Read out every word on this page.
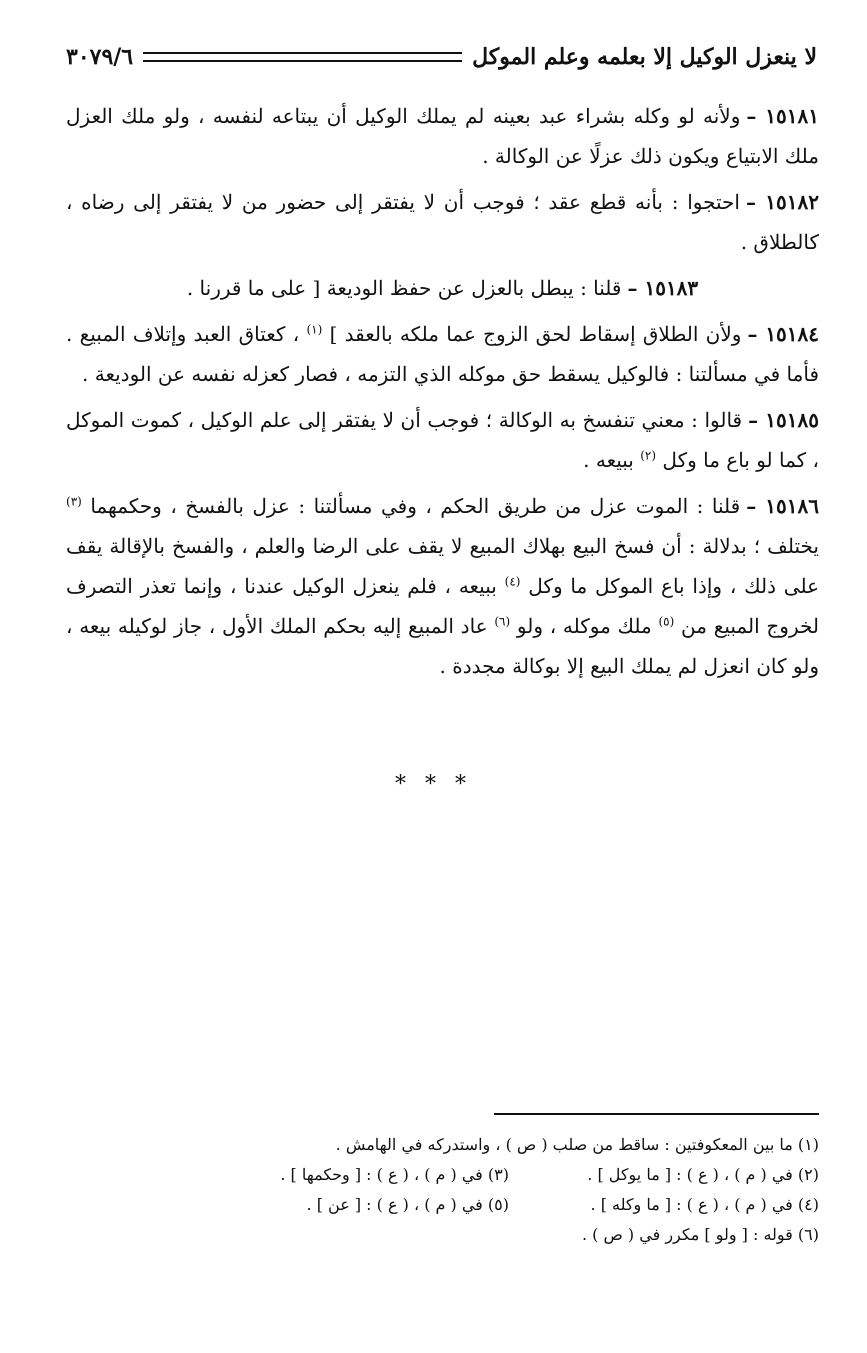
لا ينعزل الوكيل إلا بعلمه وعلم الموكل
٣٠٧٩/٦

١٥١٨١ –ولأنه لو وكله بشراء عبد بعينه لم يملك الوكيل أن يبتاعه لنفسه ، ولو ملك العزل ملك الابتياع ويكون ذلك عزلًا عن الوكالة .

١٥١٨٢ –احتجوا : بأنه قطع عقد ؛ فوجب أن لا يفتقر إلى حضور من لا يفتقر إلى رضاه ، كالطلاق .

١٥١٨٣ –قلنا : يبطل بالعزل عن حفظ الوديعة [ على ما قررنا .

١٥١٨٤ –ولأن الطلاق إسقاط لحق الزوج عما ملكه بالعقد ] $^{(١)}$ ، كعتاق العبد وإتلاف المبيع . فأما في مسألتنا : فالوكيل يسقط حق موكله الذي التزمه ، فصار كعزله نفسه عن الوديعة .

١٥١٨٥ –قالوا : معني تنفسخ به الوكالة ؛ فوجب أن لا يفتقر إلى علم الوكيل ، كموت الموكل ، كما لو باع ما وكل $^{(٢)}$ ببيعه .

١٥١٨٦ –قلنا : الموت عزل من طريق الحكم ، وفي مسألتنا : عزل بالفسخ ، وحكمهما $^{(٣)}$ يختلف ؛ بدلالة : أن فسخ البيع بهلاك المبيع لا يقف على الرضا والعلم ، والفسخ بالإقالة يقف على ذلك ، وإذا باع الموكل ما وكل $^{(٤)}$ ببيعه ، فلم ينعزل الوكيل عندنا ، وإنما تعذر التصرف لخروج المبيع من $^{(٥)}$ ملك موكله ، ولو $^{(٦)}$ عاد المبيع إليه بحكم الملك الأول ، جاز لوكيله بيعه ، ولو كان انعزل لم يملك البيع إلا بوكالة مجددة .

* * *
(١) ما بين المعكوفتين : ساقط من صلب ( ص ) ، واستدركه في الهامش .
(٢) في ( م ) ، ( ع ) : [ ما يوكل ] .
(٣) في ( م ) ، ( ع ) : [ وحكمها ] .
(٤) في ( م ) ، ( ع ) : [ ما وكله ] .
(٥) في ( م ) ، ( ع ) : [ عن ] .
(٦) قوله : [ ولو ] مكرر في ( ص ) .
